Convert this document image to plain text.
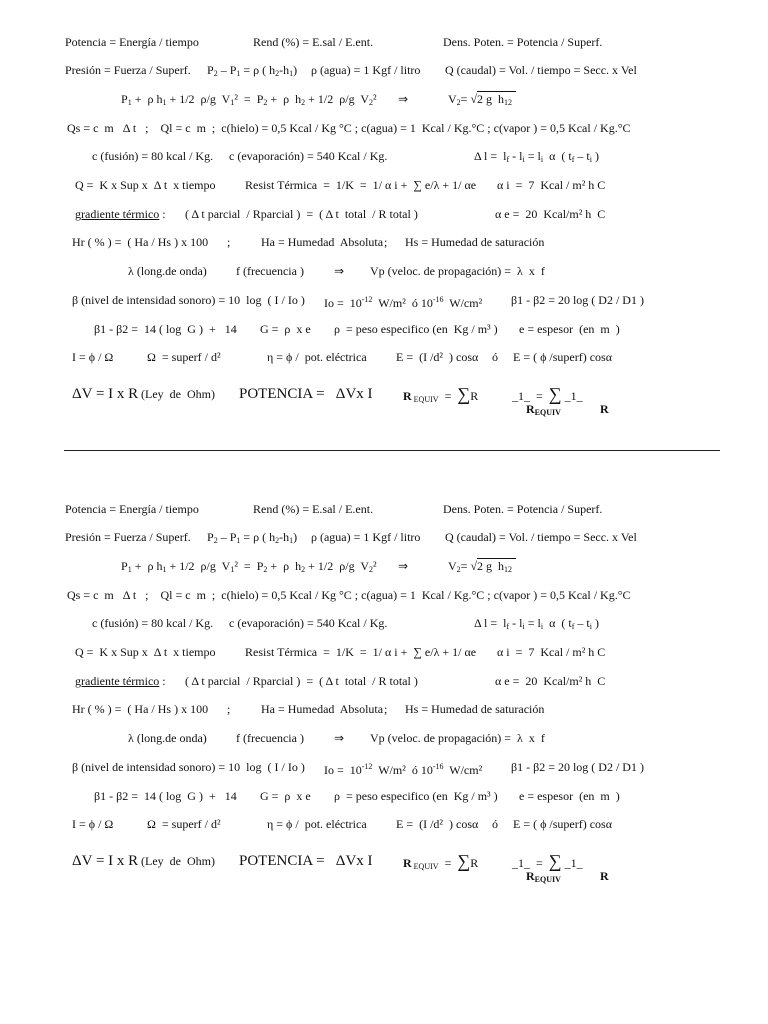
Potencia = Energía / tiempo	Rend (%) = E.sal / E.ent.	Dens. Poten. = Potencia / Superf.
Presión = Fuerza / Superf. $P_2 - P_1 = \rho$ ( $h_2-h_1$) ρ (agua) = 1 Kgf / litro Q (caudal) = Vol. / tiempo = Secc. x Vel
$P_1 + \rho$ $h_1 + 1/2$  ρ/g  $V_1^2 = P_2 + \rho$  $h_2 + 1/2$  ρ/g  $V_2^2$ ⇒	$V_2= √2$ g  $h_{12}$    
Qs = c  m   Δ t   ;    Ql = c  m  ;  c(hielo) = 0,5 Kcal / Kg °C ; c(agua) = 1  Kcal / Kg.°C ; c(vapor ) = 0,5 Kcal / Kg.°C
c (fusión) = 80 kcal / Kg. c (evaporación) = 540 Kcal / Kg.	Δ $l = l_f - l_i = l_i$  α  ( $t_f - t_i$ )
Q =  K x Sup x  Δ t  x tiempo Resist Térmica  =  1/K  =  1/ α i +  ∑ e/λ + 1/ αe α i  =  7  Kcal / m² h C
gradiente térmico : ( Δ t parcial  / Rparcial )  =  ( Δ t  total  / R total )	α e =  20  Kcal/m² h  C
Hr ( % ) =  ( Ha / Hs ) x 100 ;	Ha = Humedad  Absoluta ; Hs = Humedad de saturación
λ (long.de onda) f (frecuencia )	⇒ Vp (veloc. de propagación) =  λ  x  f
β (nivel de intensidad sonoro) = 10  log  ( I / Io ) $Io = 10^{-12}$  W/m²  ó $10^{-16}$  W/cm² β1 - β2 = 20 log ( D2 / D1 )
β1 - β2 =  14 ( log  G )  +   14 G =  ρ  x e ρ  = peso especifico (en  Kg / m³ ) e = espesor  (en  m  )
I = ϕ / Ω	Ω  = superf / d²	η = ϕ /  pot. eléctrica E =  (I /d²  ) cosα ó E = ( ϕ /superf) cosα
ΔV = I x R (Ley  de  Ohm) POTENCIA =   ΔVx I	R $_{EQUIV}$  =  ∑R	_1_  =  ∑ _1_
$R_{EQUIV}$	R
Potencia = Energía / tiempo	Rend (%) = E.sal / E.ent.	Dens. Poten. = Potencia / Superf.
Presión = Fuerza / Superf. $P_2 - P_1 = \rho$ ( $h_2-h_1$) ρ (agua) = 1 Kgf / litro Q (caudal) = Vol. / tiempo = Secc. x Vel
$P_1 + \rho$ $h_1 + 1/2$  ρ/g  $V_1^2 = P_2 + \rho$  $h_2 + 1/2$  ρ/g  $V_2^2$ ⇒	$V_2= √2$ g  $h_{12}$    
Qs = c  m   Δ t   ;    Ql = c  m  ;  c(hielo) = 0,5 Kcal / Kg °C ; c(agua) = 1  Kcal / Kg.°C ; c(vapor ) = 0,5 Kcal / Kg.°C
c (fusión) = 80 kcal / Kg. c (evaporación) = 540 Kcal / Kg.	Δ $l = l_f - l_i = l_i$  α  ( $t_f - t_i$ )
Q =  K x Sup x  Δ t  x tiempo Resist Térmica  =  1/K  =  1/ α i +  ∑ e/λ + 1/ αe α i  =  7  Kcal / m² h C
gradiente térmico : ( Δ t parcial  / Rparcial )  =  ( Δ t  total  / R total )	α e =  20  Kcal/m² h  C
Hr ( % ) =  ( Ha / Hs ) x 100 ;	Ha = Humedad  Absoluta ; Hs = Humedad de saturación
λ (long.de onda) f (frecuencia )	⇒ Vp (veloc. de propagación) =  λ  x  f
β (nivel de intensidad sonoro) = 10  log  ( I / Io ) $Io = 10^{-12}$  W/m²  ó $10^{-16}$  W/cm² β1 - β2 = 20 log ( D2 / D1 )
β1 - β2 =  14 ( log  G )  +   14 G =  ρ  x e ρ  = peso especifico (en  Kg / m³ ) e = espesor  (en  m  )
I = ϕ / Ω	Ω  = superf / d²	η = ϕ /  pot. eléctrica E =  (I /d²  ) cosα ó E = ( ϕ /superf) cosα
ΔV = I x R (Ley  de  Ohm) POTENCIA =   ΔVx I	R $_{EQUIV}$  =  ∑R	_1_  =  ∑ _1_
$R_{EQUIV}$	R
